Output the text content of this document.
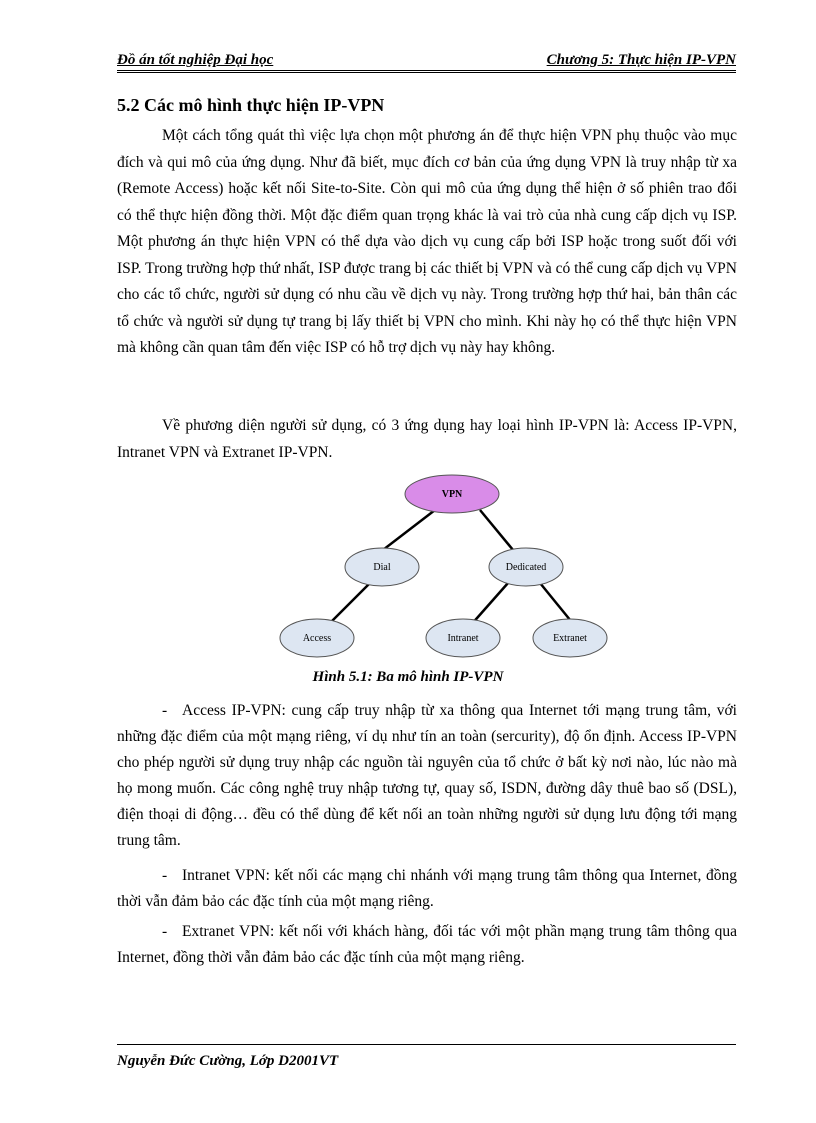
Đồ án tốt nghiệp Đại học	Chương 5: Thực hiện IP-VPN
5.2 Các mô hình thực hiện IP-VPN

Một cách tổng quát thì việc lựa chọn một phương án để thực hiện VPN phụ thuộc vào mục đích và qui mô của ứng dụng. Như đã biết, mục đích cơ bản của ứng dụng VPN là truy nhập từ xa (Remote Access) hoặc kết nối Site-to-Site. Còn qui mô của ứng dụng thể hiện ở số phiên trao đổi có thể thực hiện đồng thời. Một đặc điểm quan trọng khác là vai trò của nhà cung cấp dịch vụ ISP. Một phương án thực hiện VPN có thể dựa vào dịch vụ cung cấp bởi ISP hoặc trong suốt đối với ISP. Trong trường hợp thứ nhất, ISP được trang bị các thiết bị VPN và có thể cung cấp dịch vụ VPN cho các tổ chức, người sử dụng có nhu cầu về dịch vụ này. Trong trường hợp thứ hai, bản thân các tổ chức và người sử dụng tự trang bị lấy thiết bị VPN cho mình. Khi này họ có thể thực hiện VPN mà không cần quan tâm đến việc ISP có hỗ trợ dịch vụ này hay không.

Về phương diện người sử dụng, có 3 ứng dụng hay loại hình IP-VPN là: Access IP-VPN, Intranet VPN và Extranet IP-VPN.

VPN
Dial	Dedicated
Access	Intranet	Extranet
Hình 5.1: Ba mô hình IP-VPN

- Access IP-VPN: cung cấp truy nhập từ xa thông qua Internet tới mạng trung tâm, với những đặc điểm của một mạng riêng, ví dụ như tín an toàn (sercurity), độ ổn định. Access IP-VPN cho phép người sử dụng truy nhập các nguồn tài nguyên của tổ chức ở bất kỳ nơi nào, lúc nào mà họ mong muốn. Các công nghệ truy nhập tương tự, quay số, ISDN, đường dây thuê bao số (DSL), điện thoại di động… đều có thể dùng để kết nối an toàn những người sử dụng lưu động tới mạng trung tâm.

- Intranet VPN: kết nối các mạng chi nhánh với mạng trung tâm thông qua Internet, đồng thời vẫn đảm bảo các đặc tính của một mạng riêng.

- Extranet VPN: kết nối với khách hàng, đối tác với một phần mạng trung tâm thông qua Internet, đồng thời vẫn đảm bảo các đặc tính của một mạng riêng.

Nguyễn Đức Cường, Lớp D2001VT
